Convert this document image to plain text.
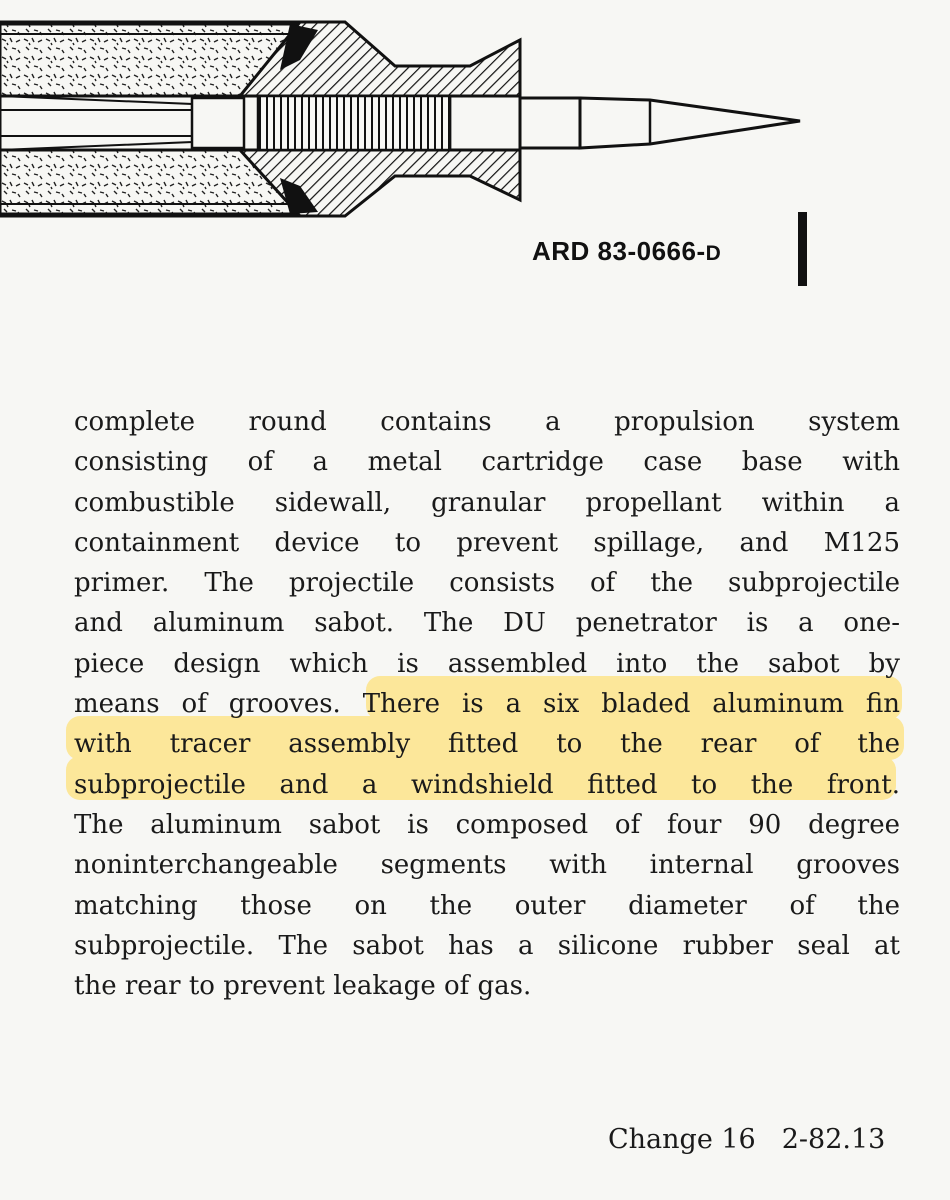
ARD 83-0666-D
complete round contains a propulsion system
consisting of a metal cartridge case base with
combustible sidewall, granular propellant within a
containment device to prevent spillage, and M125
primer. The projectile consists of the subprojectile
and aluminum sabot. The DU penetrator is a one-
piece design which is assembled into the sabot by
means of grooves. There is a six bladed aluminum fin
with tracer assembly fitted to the rear of the
subprojectile and a windshield fitted to the front.
The aluminum sabot is composed of four 90 degree
noninterchangeable segments with internal grooves
matching those on the outer diameter of the
subprojectile. The sabot has a silicone rubber seal at
the rear to prevent leakage of gas.
Change 16 2-82.13
